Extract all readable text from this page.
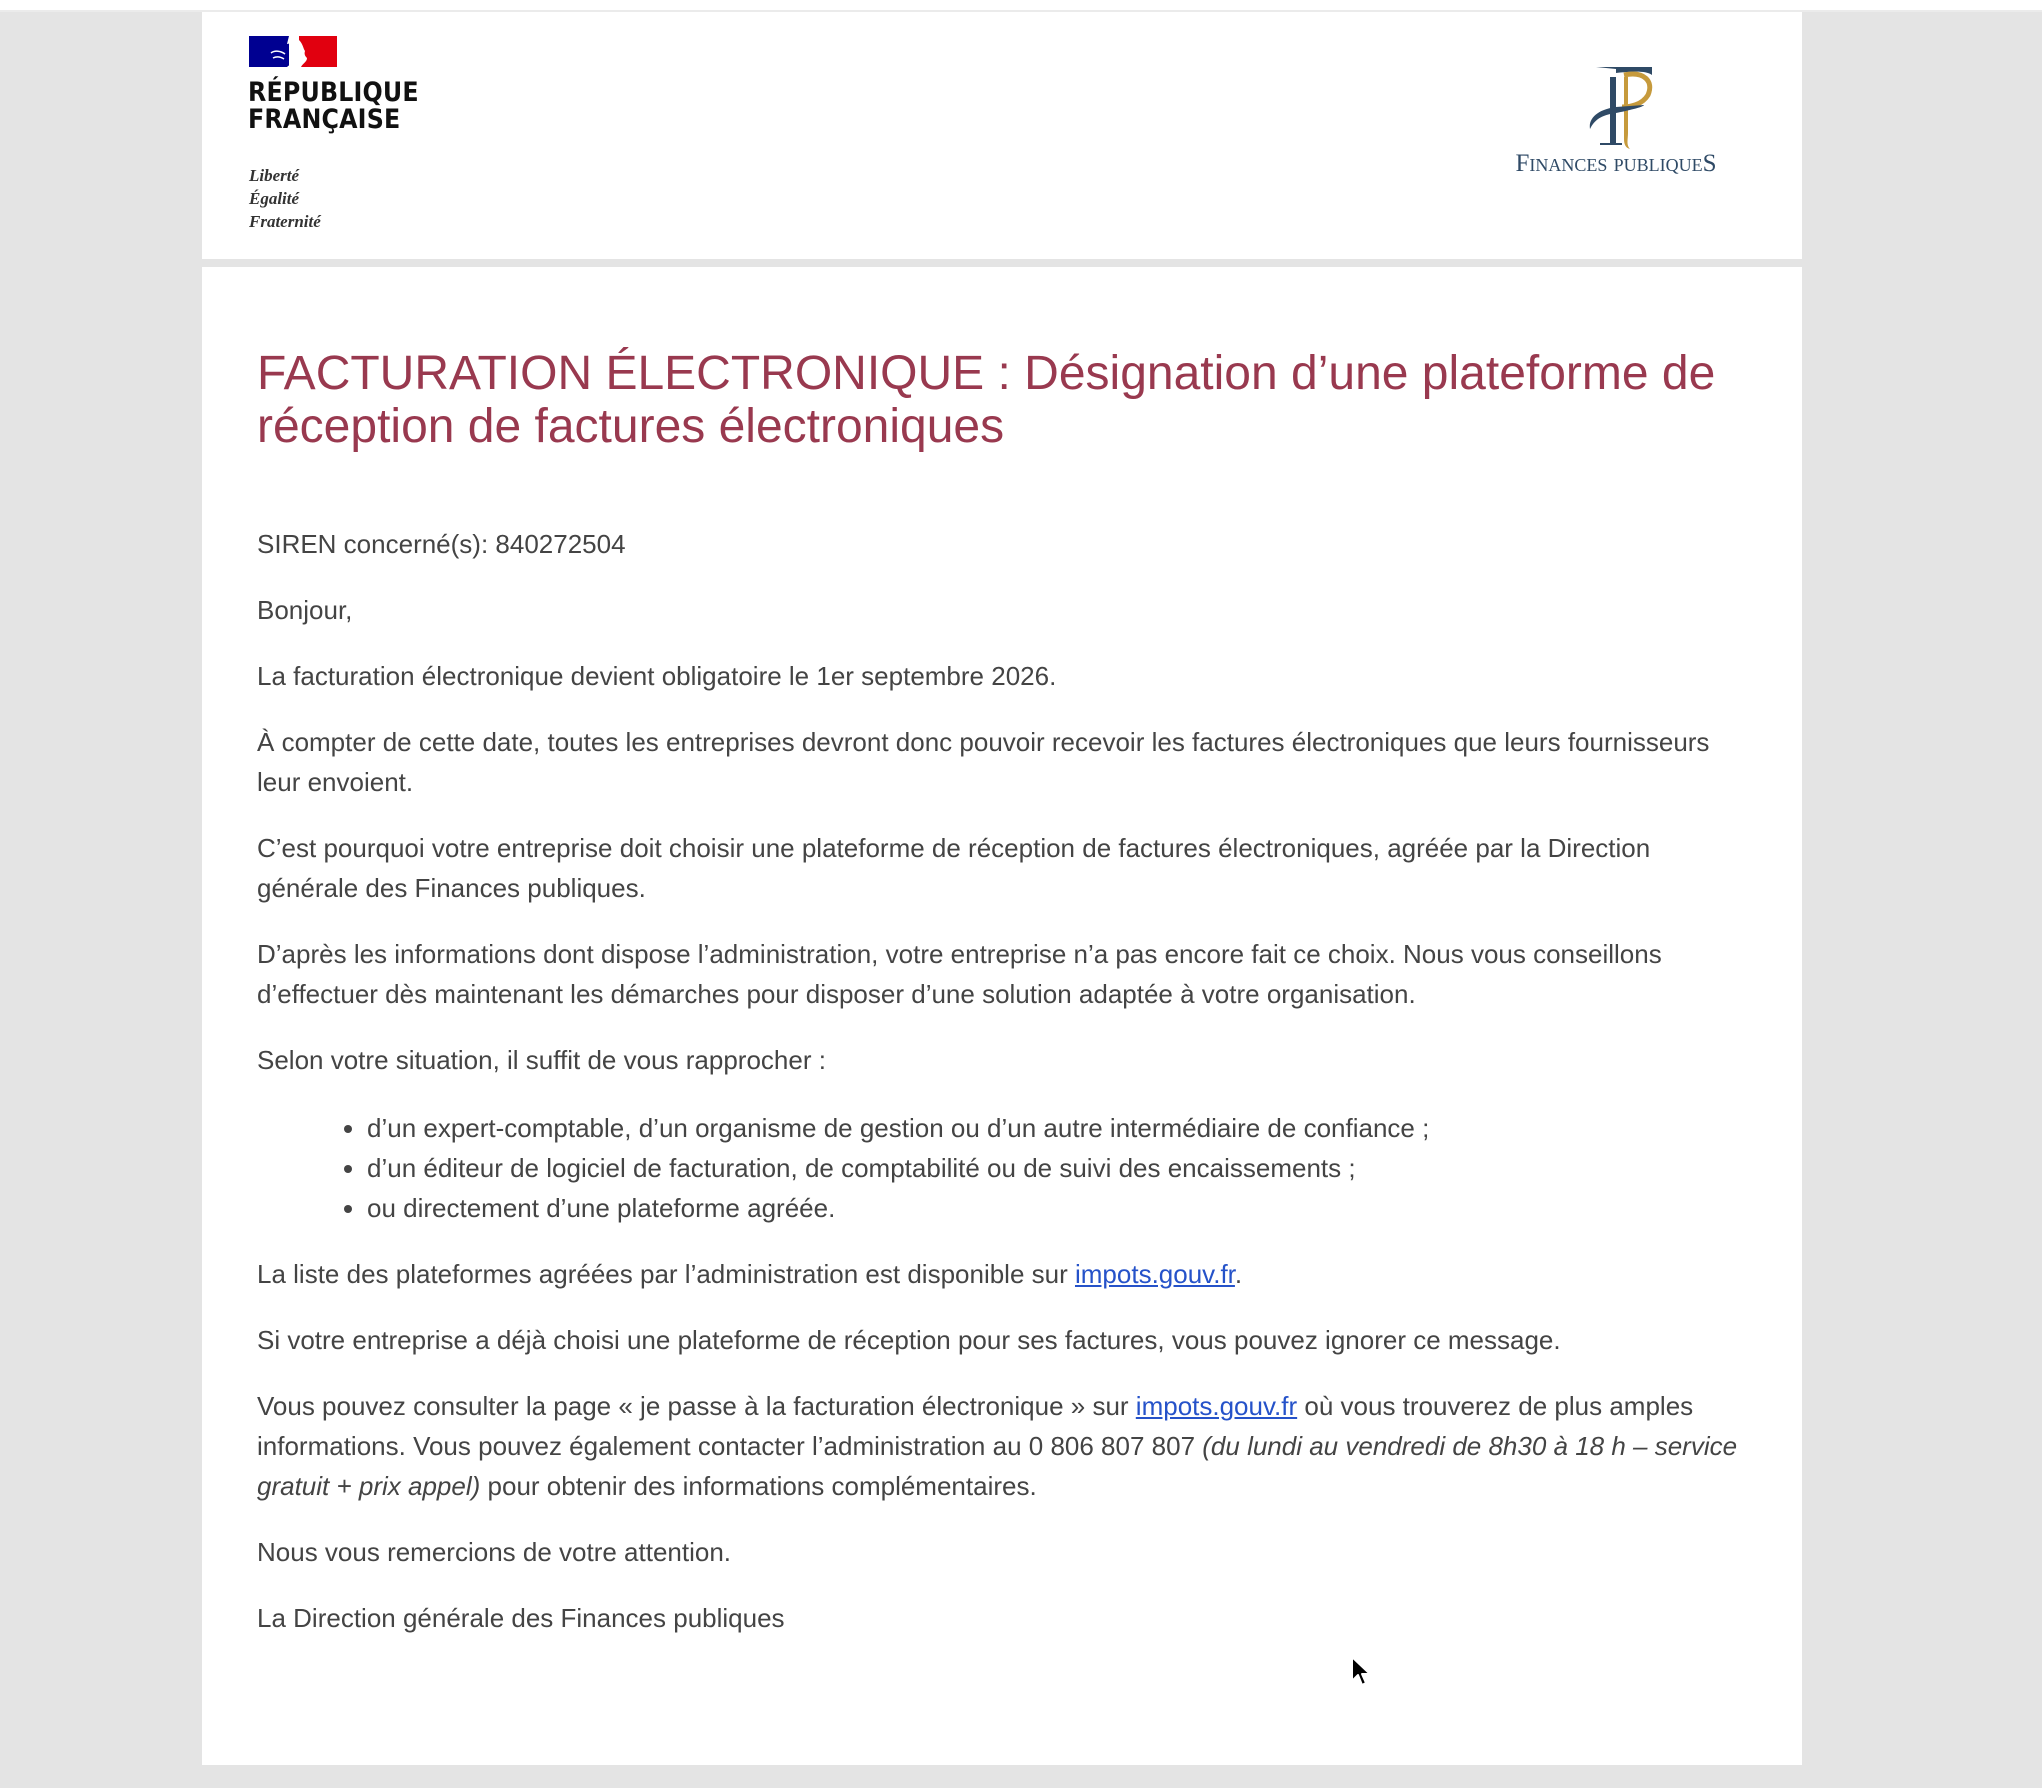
RÉPUBLIQUE
FRANÇAISE
Liberté
Égalité
Fraternité
Finances publiqueS
FACTURATION ÉLECTRONIQUE : Désignation d’une plateforme de réception de factures électroniques

SIREN concerné(s): 840272504

Bonjour,

La facturation électronique devient obligatoire le 1er septembre 2026.

À compter de cette date, toutes les entreprises devront donc pouvoir recevoir les factures électroniques que leurs fournisseurs leur envoient.

C’est pourquoi votre entreprise doit choisir une plateforme de réception de factures électroniques, agréée par la Direction générale des Finances publiques.

D’après les informations dont dispose l’administration, votre entreprise n’a pas encore fait ce choix. Nous vous conseillons d’effectuer dès maintenant les démarches pour disposer d’une solution adaptée à votre organisation.

Selon votre situation, il suffit de vous rapprocher :

• d’un expert-comptable, d’un organisme de gestion ou d’un autre intermédiaire de confiance ;
• d’un éditeur de logiciel de facturation, de comptabilité ou de suivi des encaissements ;
• ou directement d’une plateforme agréée.

La liste des plateformes agréées par l’administration est disponible sur impots.gouv.fr.

Si votre entreprise a déjà choisi une plateforme de réception pour ses factures, vous pouvez ignorer ce message.

Vous pouvez consulter la page « je passe à la facturation électronique » sur impots.gouv.fr où vous trouverez de plus amples informations. Vous pouvez également contacter l’administration au 0 806 807 807 (du lundi au vendredi de 8h30 à 18 h – service gratuit + prix appel) pour obtenir des informations complémentaires.

Nous vous remercions de votre attention.

La Direction générale des Finances publiques
